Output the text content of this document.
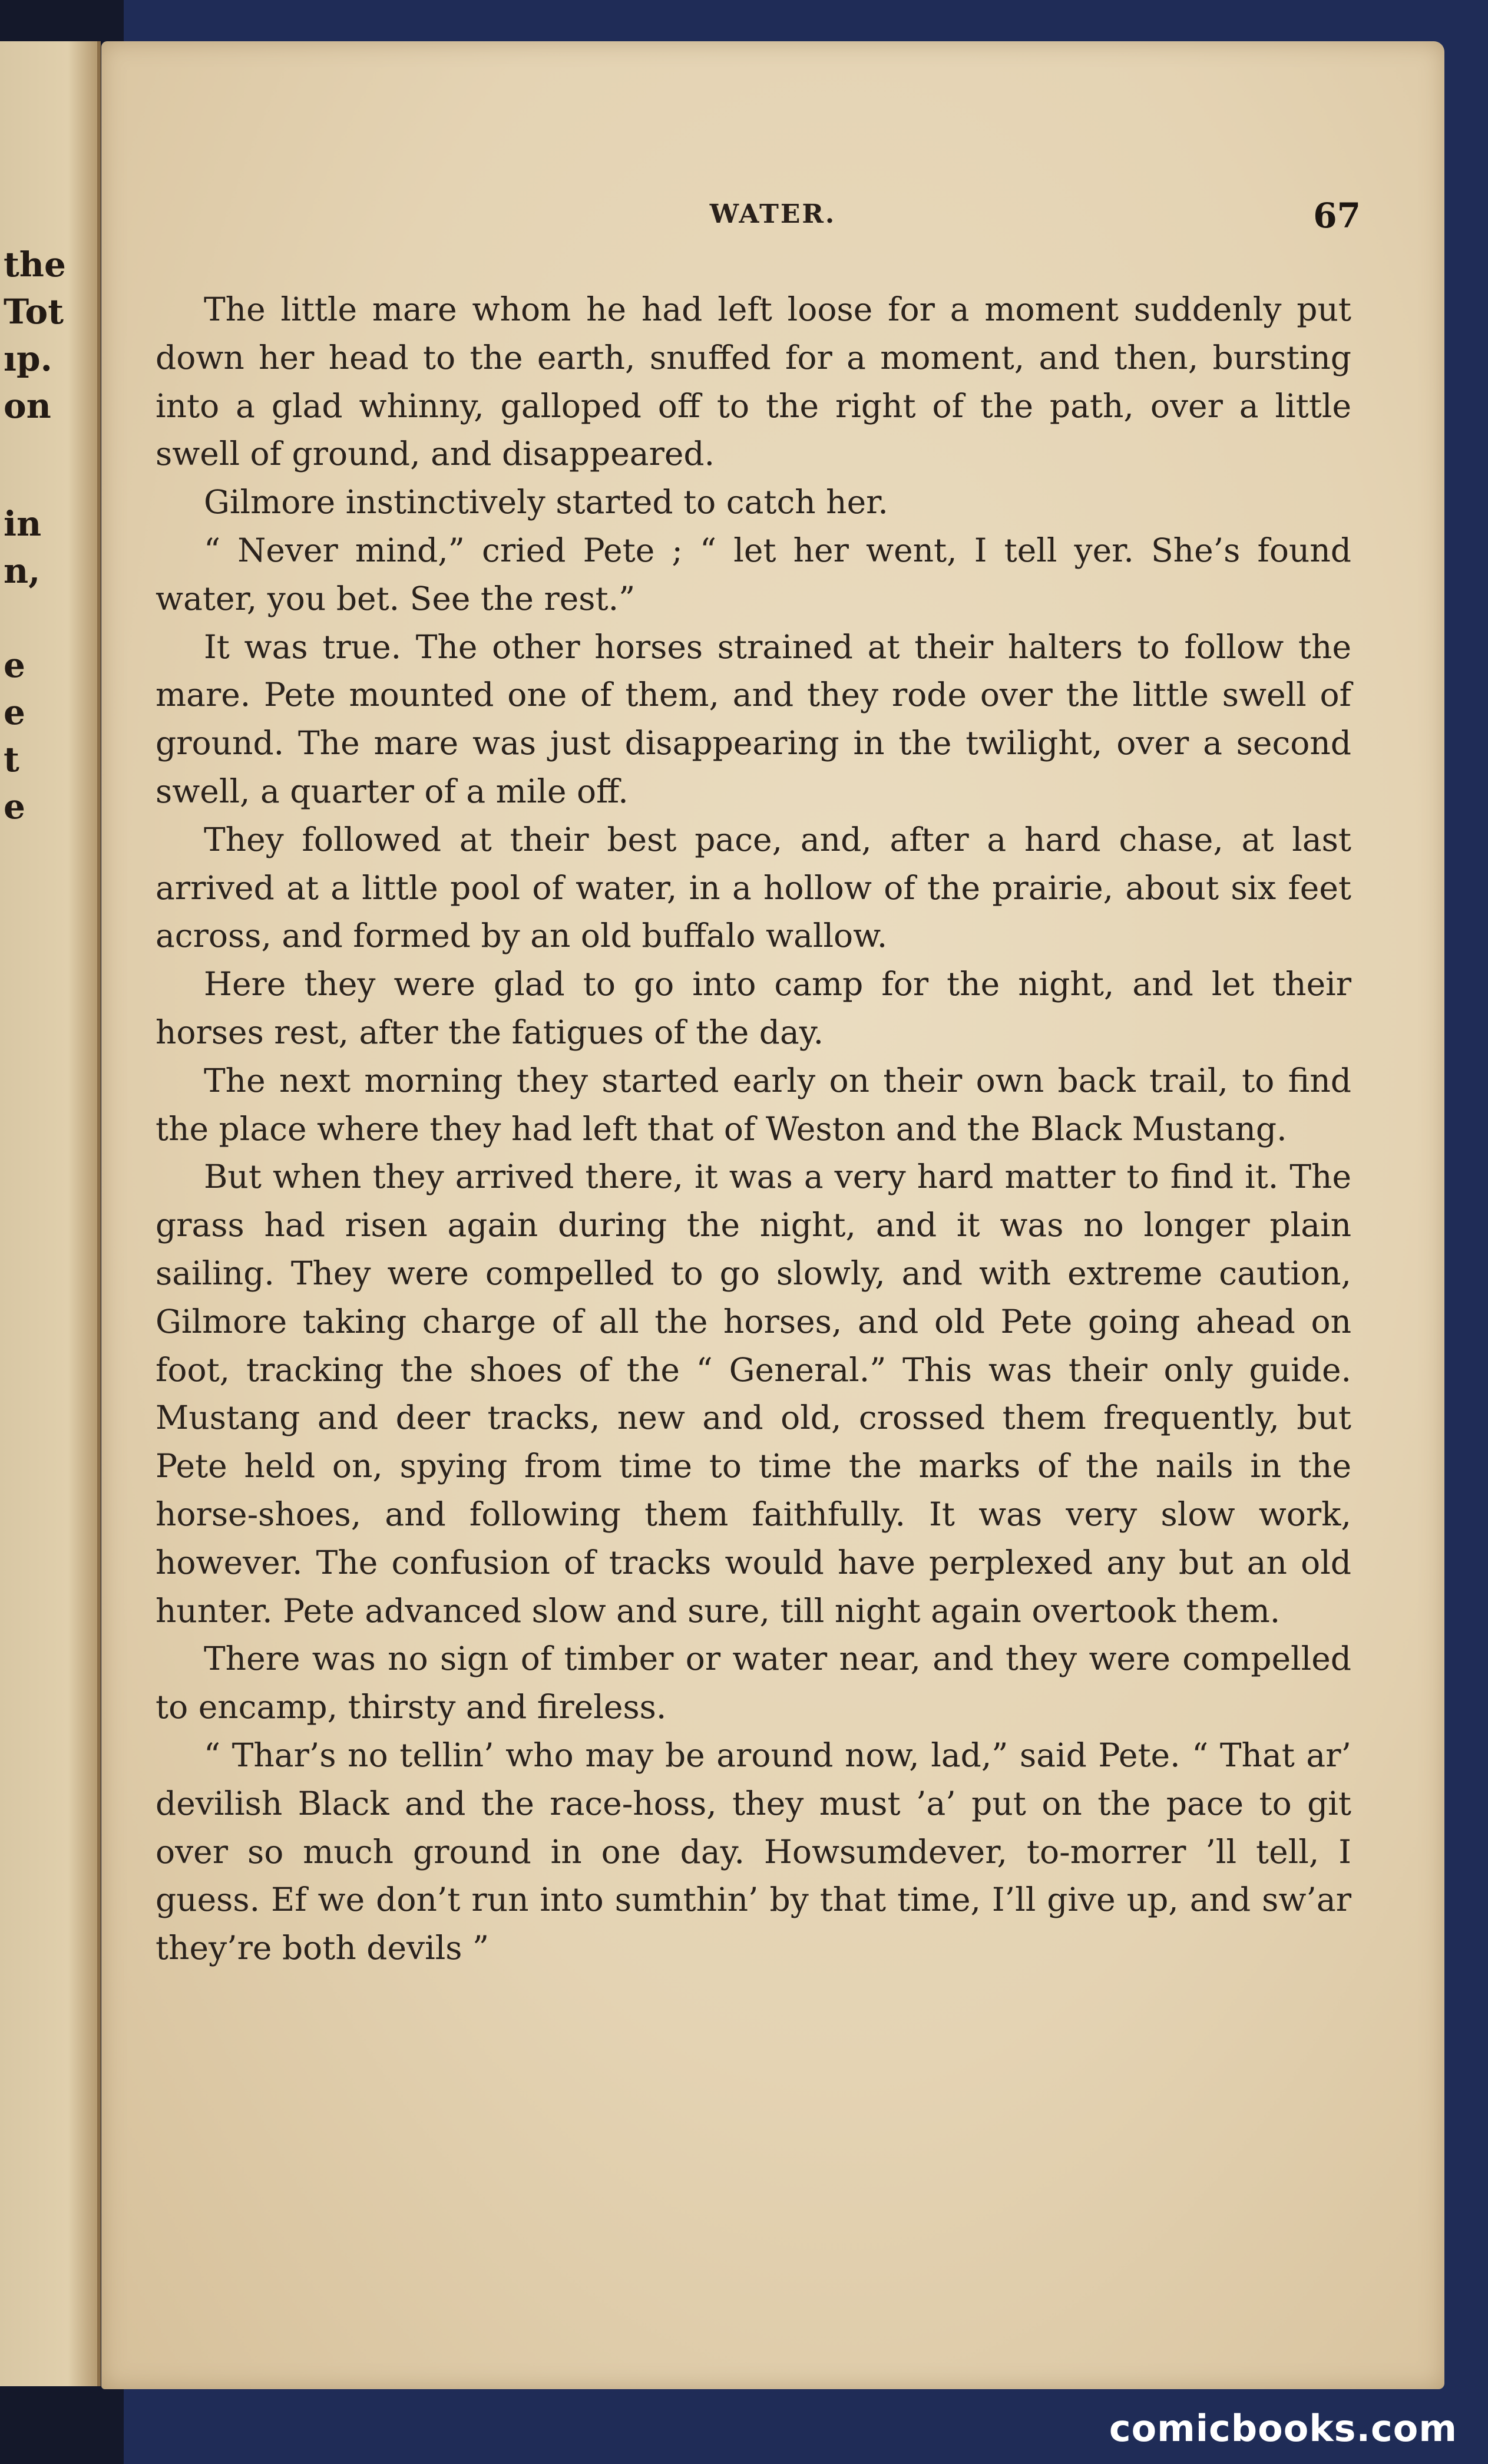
the
Tot
ıp.
on
in
n,
e
e
t
e
WATER.	67

The little mare whom he had left loose for a moment suddenly put down her head to the earth, snuffed for a moment, and then, bursting into a glad whinny, galloped off to the right of the path, over a little swell of ground, and disappeared.

Gilmore instinctively started to catch her.

“ Never mind,” cried Pete ; “ let her went, I tell yer. She’s found water, you bet. See the rest.”

It was true. The other horses strained at their halters to follow the mare. Pete mounted one of them, and they rode over the little swell of ground. The mare was just disappearing in the twilight, over a second swell, a quarter of a mile off.

They followed at their best pace, and, after a hard chase, at last arrived at a little pool of water, in a hollow of the prairie, about six feet across, and formed by an old buffalo wallow.

Here they were glad to go into camp for the night, and let their horses rest, after the fatigues of the day.

The next morning they started early on their own back trail, to find the place where they had left that of Weston and the Black Mustang.

But when they arrived there, it was a very hard matter to find it. The grass had risen again during the night, and it was no longer plain sailing. They were compelled to go slowly, and with extreme caution, Gilmore taking charge of all the horses, and old Pete going ahead on foot, tracking the shoes of the “ General.” This was their only guide. Mustang and deer tracks, new and old, crossed them frequently, but Pete held on, spying from time to time the marks of the nails in the horse-shoes, and following them faithfully. It was very slow work, however. The confusion of tracks would have perplexed any but an old hunter. Pete advanced slow and sure, till night again overtook them.

There was no sign of timber or water near, and they were compelled to encamp, thirsty and fireless.

“ Thar’s no tellin’ who may be around now, lad,” said Pete. “ That ar’ devilish Black and the race-hoss, they must ’a’ put on the pace to git over so much ground in one day. Howsumdever, to-morrer ’ll tell, I guess. Ef we don’t run into sumthin’ by that time, I’ll give up, and sw’ar they’re both devils ”

comicbooks.com
